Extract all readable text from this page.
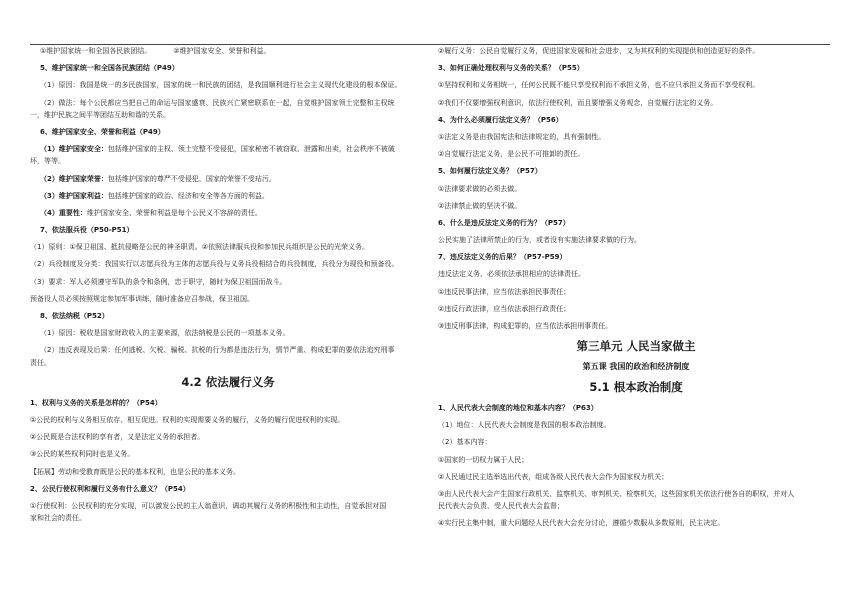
①维护国家统一和全国各民族团结。	②维护国家安全、荣誉和利益。

5、维护国家统一和全国各民族团结（P49）

（1）原因：我国是统一的多民族国家，国家的统一和民族的团结，是我国顺利进行社会主义现代化建设的根本保证。

（2）做法：每个公民都应当把自己的命运与国家盛衰、民族兴亡紧密联系在一起，自觉维护国家领土完整和主权统

一，维护民族之间平等团结互助和谐的关系。

6、维护国家安全、荣誉和利益（P49）

（1）维护国家安全：包括维护国家的主权、领土完整不受侵犯，国家秘密不被窃取、泄露和出卖，社会秩序不被破

坏，等等。

（2）维护国家荣誉：包括维护国家的尊严不受侵犯，国家的荣誉不受玷污。

（3）维护国家利益：包括维护国家的政治、经济和安全等各方面的利益。

（4）重要性：维护国家安全、荣誉和利益是每个公民义不容辞的责任。

7、依法服兵役（P50-P51）

（1）原则：①保卫祖国、抵抗侵略是公民的神圣职责。②依照法律服兵役和参加民兵组织是公民的光荣义务。

（2）兵役制度及分类：我国实行以志愿兵役为主体的志愿兵役与义务兵役相结合的兵役制度，兵役分为现役和预备役。

（3）要求：军人必须遵守军队的条令和条例，忠于职守，随时为保卫祖国而战斗。

预备役人员必须按照规定参加军事训练，随时准备应召参战，保卫祖国。

8、依法纳税（P52）

（1）原因：税收是国家财政收入的主要来源，依法纳税是公民的一项基本义务。

（2）违反表现及后果：任何逃税、欠税、骗税、抗税的行为都是违法行为，情节严重、构成犯罪的要依法追究刑事

责任。

4.2 依法履行义务

1、权利与义务的关系是怎样的？（P54）

①公民的权利与义务相互依存、相互促进。权利的实现需要义务的履行，义务的履行促进权利的实现。

②公民既是合法权利的享有者，又是法定义务的承担者。

③公民的某些权利同时也是义务。

【拓展】劳动和受教育既是公民的基本权利，也是公民的基本义务。

2、公民行使权利和履行义务有什么意义？（P54）

①行使权利：公民权利的充分实现，可以激发公民的主人翁意识，调动其履行义务的积极性和主动性，自觉承担对国

家和社会的责任。

②履行义务：公民自觉履行义务，促进国家发展和社会进步，又为其权利的实现提供和创造更好的条件。

3、如何正确处理权利与义务的关系？（P55）

①坚持权利和义务相统一，任何公民既不能只享受权利而不承担义务，也不应只承担义务而不享受权利。

②我们不仅要增强权利意识，依法行使权利，而且要增强义务观念，自觉履行法定的义务。

4、为什么必须履行法定义务？（P56）

①法定义务是由我国宪法和法律规定的，具有强制性。

②自觉履行法定义务，是公民不可推卸的责任。

5、如何履行法定义务？（P57）

①法律要求做的必须去做。

②法律禁止做的坚决不做。

6、什么是违反法定义务的行为？（P57）

公民实施了法律所禁止的行为，或者没有实施法律要求做的行为。

7、违反法定义务的后果？（P57-P59）

违反法定义务，必须依法承担相应的法律责任。

①违反民事法律，应当依法承担民事责任；

②违反行政法律，应当依法承担行政责任；

③违反刑事法律，构成犯罪的，应当依法承担刑事责任。

第三单元 人民当家做主
第五课 我国的政治和经济制度
5.1 根本政治制度

1、人民代表大会制度的地位和基本内容？（P63）

（1）地位：人民代表大会制度是我国的根本政治制度。

（2）基本内容：

①国家的一切权力属于人民；

②人民通过民主选举选出代表，组成各级人民代表大会作为国家权力机关；

③由人民代表大会产生国家行政机关、监察机关、审判机关、检察机关，这些国家机关依法行使各自的职权，并对人

民代表大会负责，受人民代表大会监督；

④实行民主集中制，重大问题经人民代表大会充分讨论，遵循少数服从多数原则，民主决定。
